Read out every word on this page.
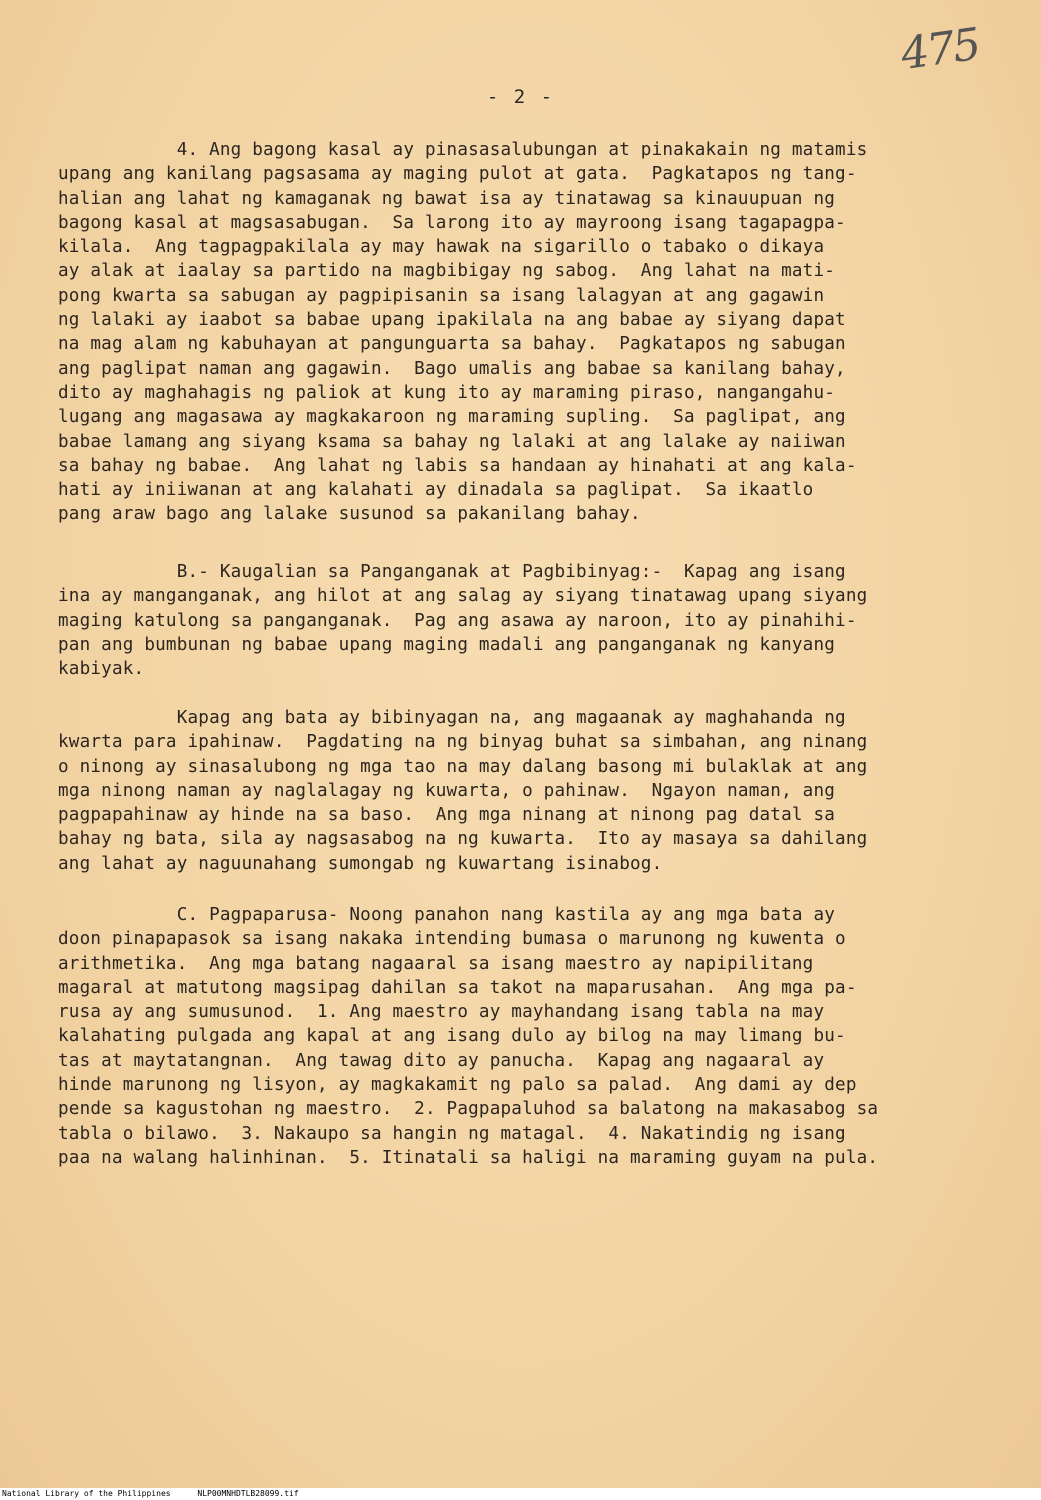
475
- 2 -
4. Ang bagong kasal ay pinasasalubungan at pinakakain ng matamis
upang ang kanilang pagsasama ay maging pulot at gata.  Pagkatapos ng tang-
halian ang lahat ng kamaganak ng bawat isa ay tinatawag sa kinauupuan ng
bagong kasal at magsasabugan.  Sa larong ito ay mayroong isang tagapagpa-
kilala.  Ang tagpagpakilala ay may hawak na sigarillo o tabako o dikaya
ay alak at iaalay sa partido na magbibigay ng sabog.  Ang lahat na mati-
pong kwarta sa sabugan ay pagpipisanin sa isang lalagyan at ang gagawin
ng lalaki ay iaabot sa babae upang ipakilala na ang babae ay siyang dapat
na mag alam ng kabuhayan at pangunguarta sa bahay.  Pagkatapos ng sabugan
ang paglipat naman ang gagawin.  Bago umalis ang babae sa kanilang bahay,
dito ay maghahagis ng paliok at kung ito ay maraming piraso, nangangahu-
lugang ang magasawa ay magkakaroon ng maraming supling.  Sa paglipat, ang
babae lamang ang siyang ksama sa bahay ng lalaki at ang lalake ay naiiwan
sa bahay ng babae.  Ang lahat ng labis sa handaan ay hinahati at ang kala-
hati ay iniiwanan at ang kalahati ay dinadala sa paglipat.  Sa ikaatlo
pang araw bago ang lalake susunod sa pakanilang bahay.
B.- Kaugalian sa Panganganak at Pagbibinyag:-  Kapag ang isang
ina ay manganganak, ang hilot at ang salag ay siyang tinatawag upang siyang
maging katulong sa panganganak.  Pag ang asawa ay naroon, ito ay pinahihi-
pan ang bumbunan ng babae upang maging madali ang panganganak ng kanyang
kabiyak.
Kapag ang bata ay bibinyagan na, ang magaanak ay maghahanda ng
kwarta para ipahinaw.  Pagdating na ng binyag buhat sa simbahan, ang ninang
o ninong ay sinasalubong ng mga tao na may dalang basong mi bulaklak at ang
mga ninong naman ay naglalagay ng kuwarta, o pahinaw.  Ngayon naman, ang
pagpapahinaw ay hinde na sa baso.  Ang mga ninang at ninong pag datal sa
bahay ng bata, sila ay nagsasabog na ng kuwarta.  Ito ay masaya sa dahilang
ang lahat ay naguunahang sumongab ng kuwartang isinabog.
C. Pagpaparusa- Noong panahon nang kastila ay ang mga bata ay
doon pinapapasok sa isang nakaka intending bumasa o marunong ng kuwenta o
arithmetika.  Ang mga batang nagaaral sa isang maestro ay napipilitang
magaral at matutong magsipag dahilan sa takot na maparusahan.  Ang mga pa-
rusa ay ang sumusunod.  1. Ang maestro ay mayhandang isang tabla na may
kalahating pulgada ang kapal at ang isang dulo ay bilog na may limang bu-
tas at maytatangnan.  Ang tawag dito ay panucha.  Kapag ang nagaaral ay
hinde marunong ng lisyon, ay magkakamit ng palo sa palad.  Ang dami ay dep
pende sa kagustohan ng maestro.  2. Pagpapaluhod sa balatong na makasabog sa
tabla o bilawo.  3. Nakaupo sa hangin ng matagal.  4. Nakatindig ng isang
paa na walang halinhinan.  5. Itinatali sa haligi na maraming guyam na pula.
National Library of the Philippines	NLP00MNHDTLB28099.tif
